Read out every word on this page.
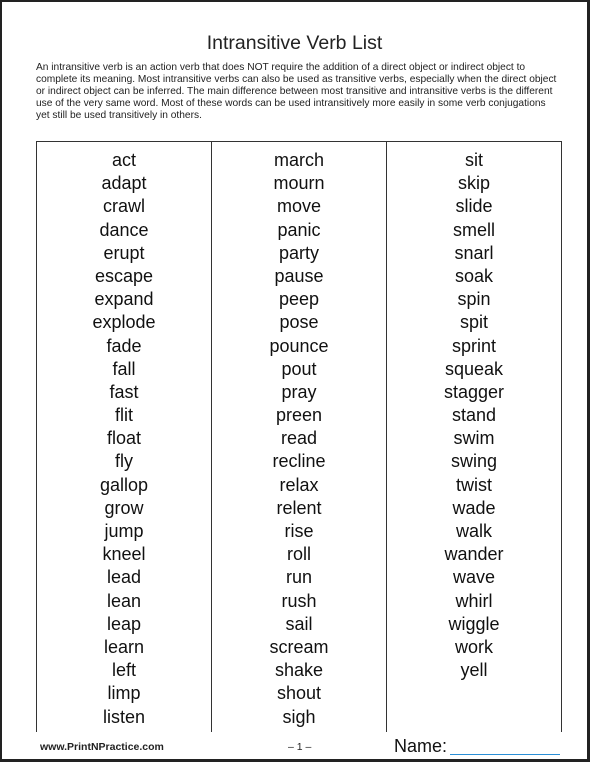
Intransitive Verb List
An intransitive verb is an action verb that does NOT require the addition of a direct object or indirect object to complete its meaning. Most intransitive verbs can also be used as transitive verbs, especially when the direct object or indirect object can be inferred. The main difference between most transitive and intransitive verbs is the different use of the very same word. Most of these words can be used intransitively more easily in some verb conjugations yet still be used transitively in others.
act
adapt
crawl
dance
erupt
escape
expand
explode
fade
fall
fast
flit
float
fly
gallop
grow
jump
kneel
lead
lean
leap
learn
left
limp
listen
march
mourn
move
panic
party
pause
peep
pose
pounce
pout
pray
preen
read
recline
relax
relent
rise
roll
run
rush
sail
scream
shake
shout
sigh
sit
skip
slide
smell
snarl
soak
spin
spit
sprint
squeak
stagger
stand
swim
swing
twist
wade
walk
wander
wave
whirl
wiggle
work
yell
www.PrintNPractice.com	– 1 –	Name:
